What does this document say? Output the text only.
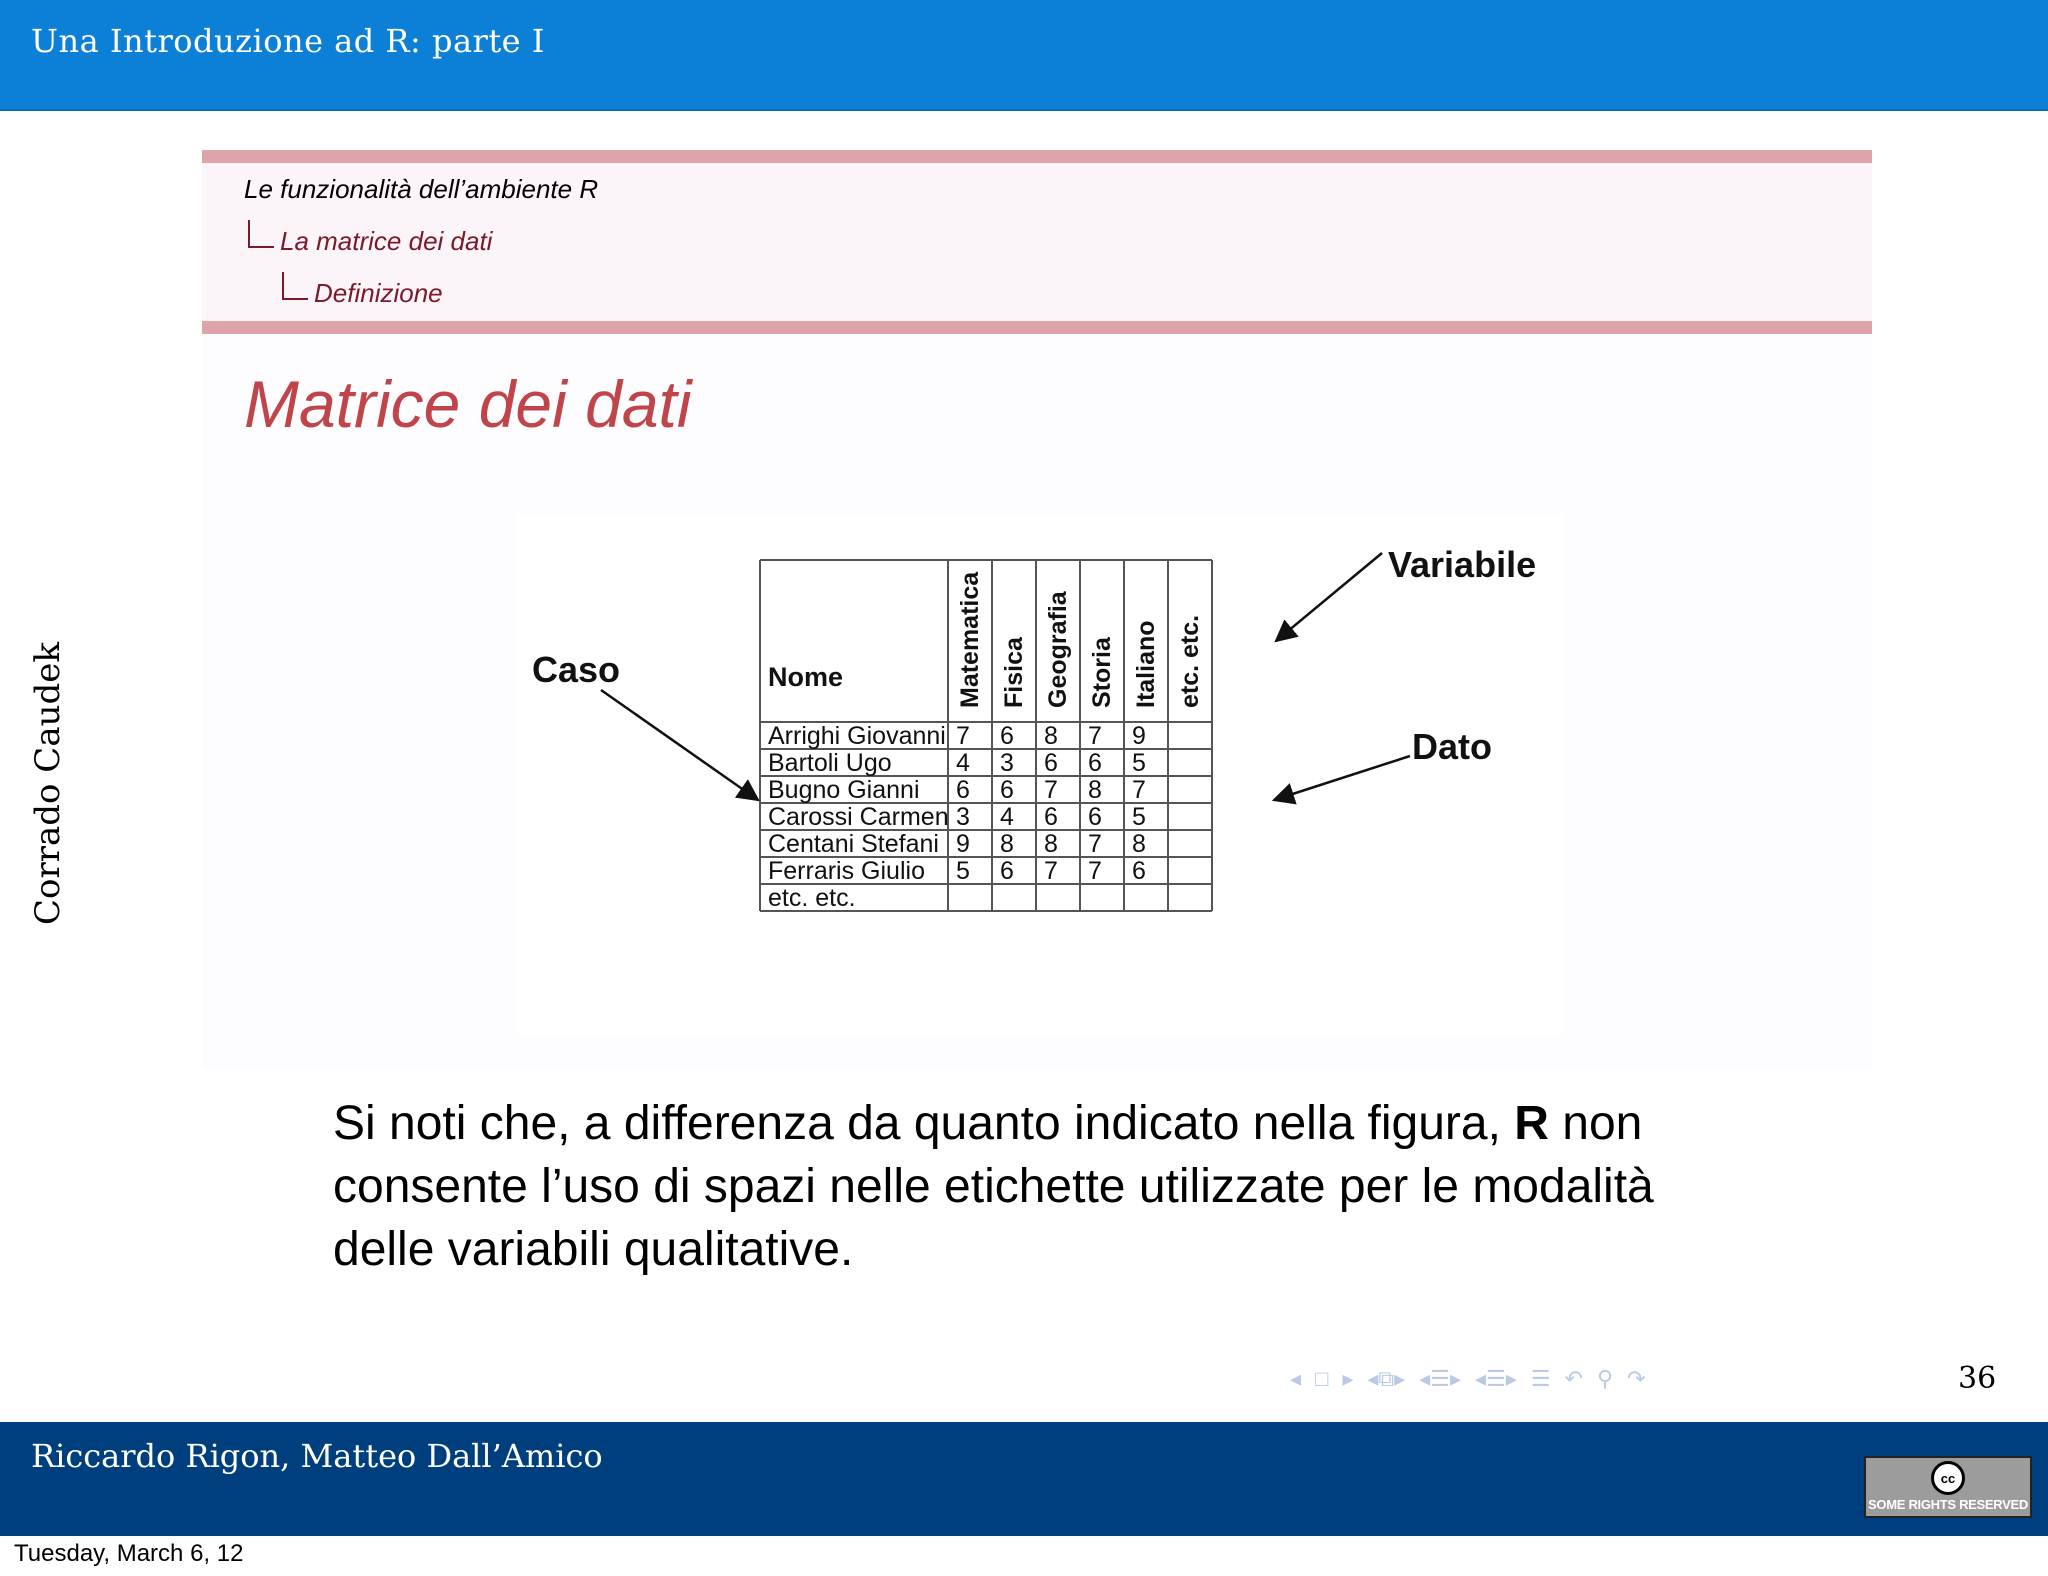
Una Introduzione ad R: parte I
Corrado Caudek
Le funzionalità dell’ambiente R
La matrice dei dati
Definizione
Matrice dei dati
Nome	Matematica Fisica Geografia Storia Italiano etc. etc.
Arrighi Giovanni 7 6 8 7 9
Bartoli Ugo	4 3 6 6 5
Bugno Gianni 6 6 7 8 7
Carossi Carmen 3 4 6 6 5
Centani Stefani 9 8 8 7 8
Ferraris Giulio 5 6 7 7 6
etc. etc.
Caso
Variabile
Dato
Si noti che, a differenza da quanto indicato nella figura, R non consente l’uso di spazi nelle etichette utilizzate per le modalità delle variabili qualitative.
◂ □ ▸ ◂⧉▸ ◂☰▸ ◂☰▸ ☰ ↶ ⚲ ↷	36
Riccardo Rigon, Matteo Dall’Amico
cc
SOME RIGHTS RESERVED
Tuesday, March 6, 12
